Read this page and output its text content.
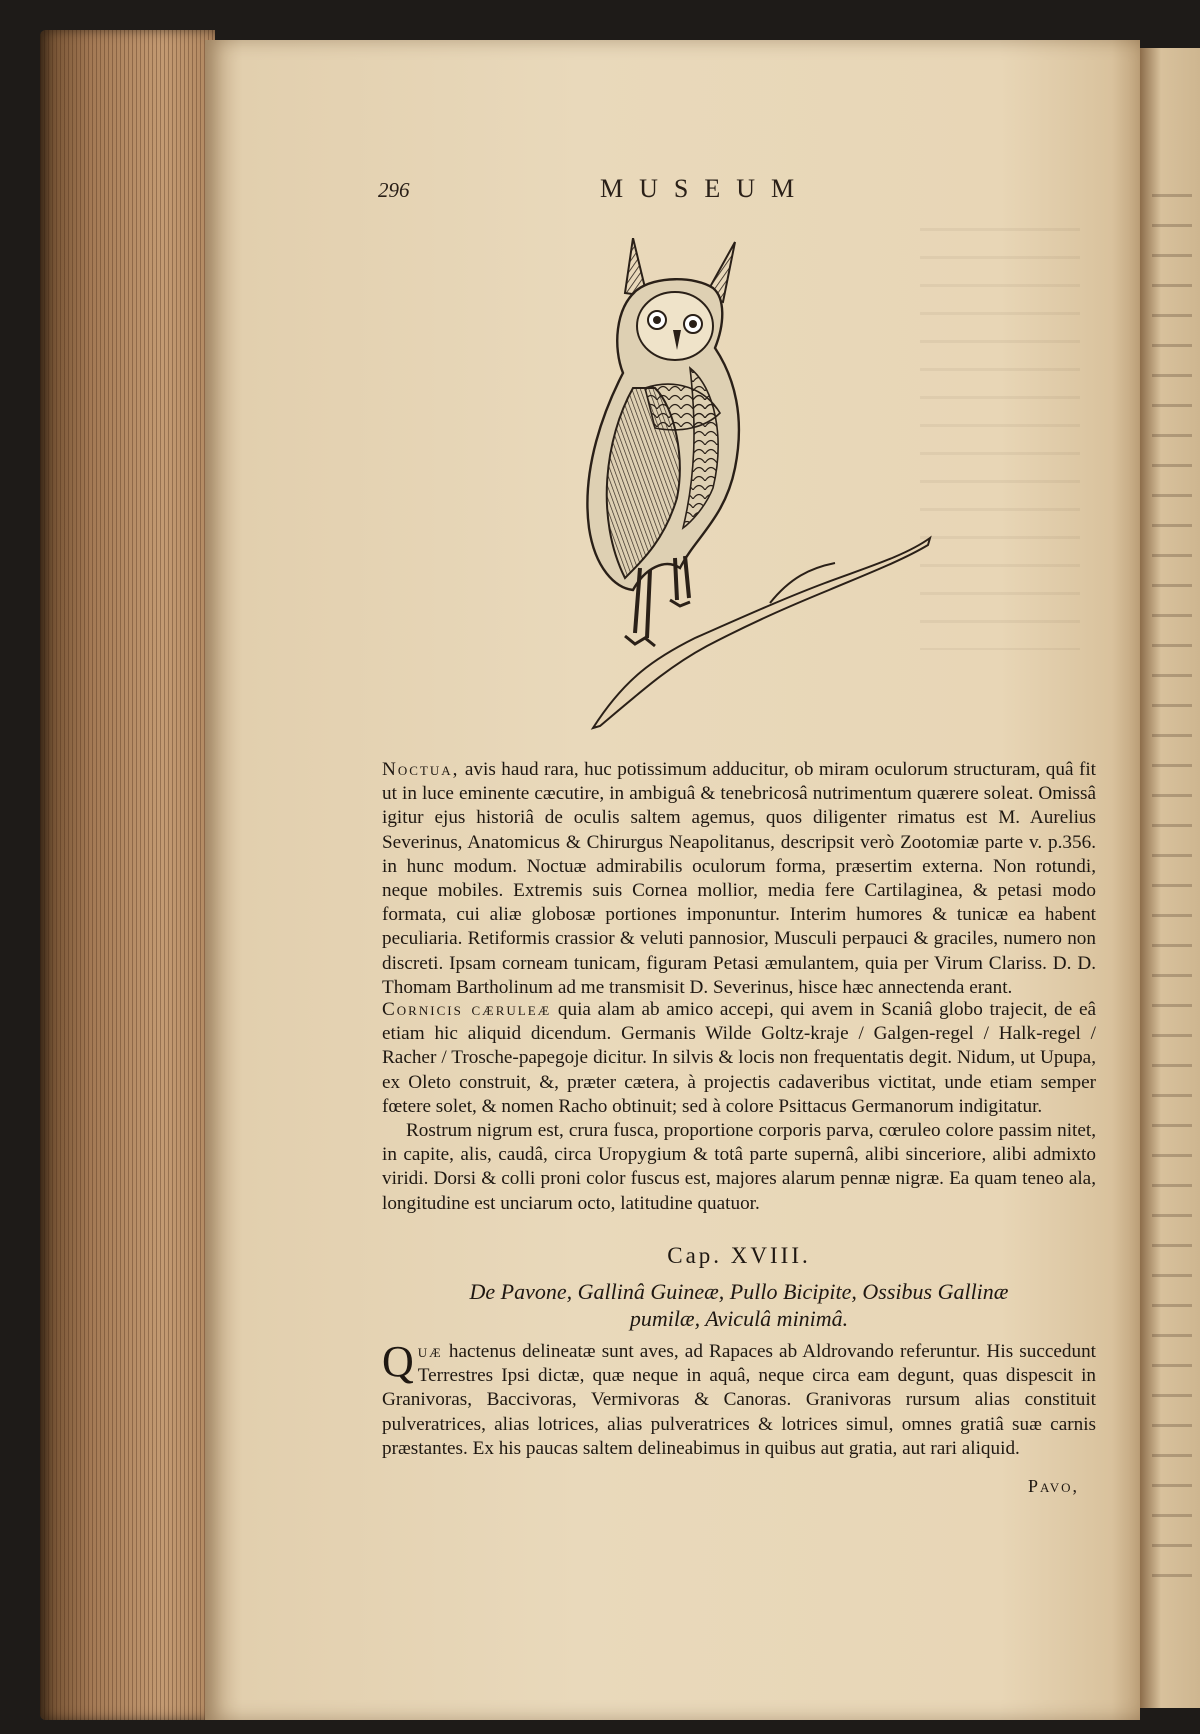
296	MUSEUM

Noctua, avis haud rara, huc potissimum adducitur, ob miram oculorum structuram, quâ fit ut in luce eminente cæcutire, in ambiguâ & tenebricosâ nutrimentum quærere soleat. Omissâ igitur ejus historiâ de oculis saltem agemus, quos diligenter rimatus est M. Aurelius Severinus, Anatomicus & Chirurgus Neapolitanus, descripsit verò Zootomiæ parte v. p.356. in hunc modum. Noctuæ admirabilis oculorum forma, præsertim externa. Non rotundi, neque mobiles. Extremis suis Cornea mollior, media fere Cartilaginea, & petasi modo formata, cui aliæ globosæ portiones imponuntur. Interim humores & tunicæ ea habent peculiaria. Retiformis crassior & veluti pannosior, Musculi perpauci & graciles, numero non discreti. Ipsam corneam tunicam, figuram Petasi æmulantem, quia per Virum Clariss. D. D. Thomam Bartholinum ad me transmisit D. Severinus, hisce hæc annectenda erant.

Cornicis cæruleæ quia alam ab amico accepi, qui avem in Scaniâ globo trajecit, de eâ etiam hic aliquid dicendum. Germanis Wilde Goltz-kraje / Galgen-regel / Halk-regel / Racher / Trosche-papegoje dicitur. In silvis & locis non frequentatis degit. Nidum, ut Upupa, ex Oleto construit, &, præter cætera, à projectis cadaveribus victitat, unde etiam semper fœtere solet, & nomen Racho obtinuit; sed à colore Psittacus Germanorum indigitatur.

Rostrum nigrum est, crura fusca, proportione corporis parva, cœruleo colore passim nitet, in capite, alis, caudâ, circa Uropygium & totâ parte supernâ, alibi sinceriore, alibi admixto viridi. Dorsi & colli proni color fuscus est, majores alarum pennæ nigræ. Ea quam teneo ala, longitudine est unciarum octo, latitudine quatuor.

Cap. XVIII.
De Pavone, Gallinâ Guineæ, Pullo Bicipite, Ossibus Gallinæ
pumilæ, Aviculâ minimâ.

Quæ hactenus delineatæ sunt aves, ad Rapaces ab Aldrovando referuntur. His succedunt Terrestres Ipsi dictæ, quæ neque in aquâ, neque circa eam degunt, quas dispescit in Granivoras, Baccivoras, Vermivoras & Canoras. Granivoras rursum alias constituit pulveratrices, alias lotrices, alias pulveratrices & lotrices simul, omnes gratiâ suæ carnis præstantes. Ex his paucas saltem delineabimus in quibus aut gratia, aut rari aliquid.

Pavo,
